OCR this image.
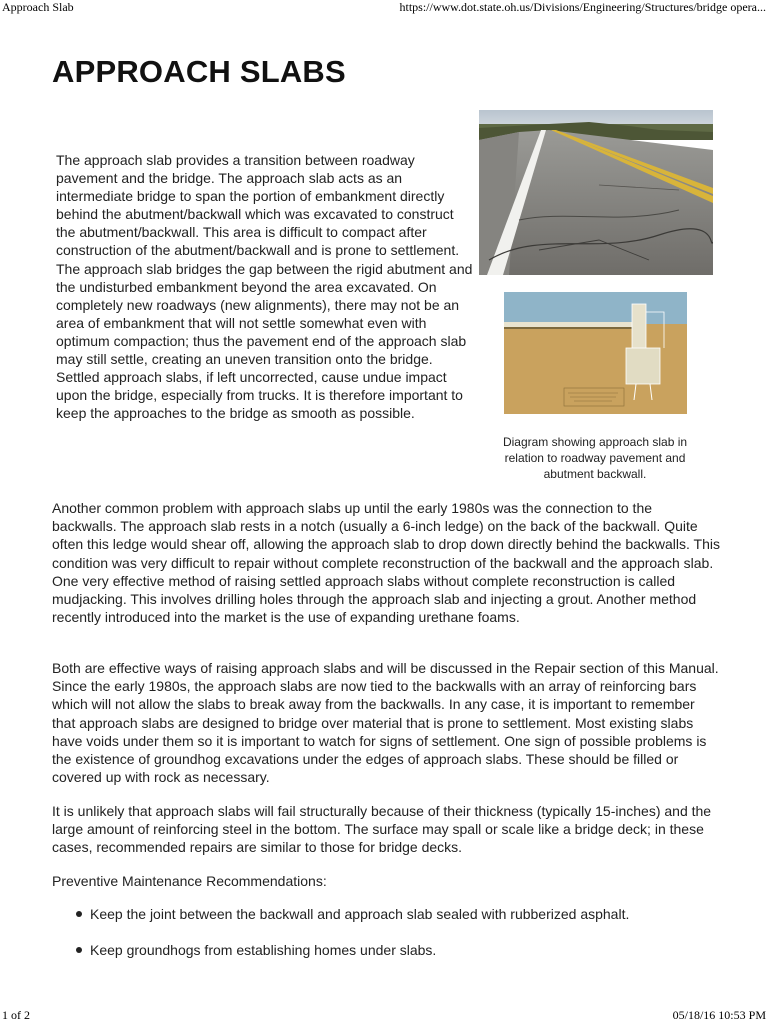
Approach Slab	https://www.dot.state.oh.us/Divisions/Engineering/Structures/bridge opera...
APPROACH SLABS
The approach slab provides a transition between roadway pavement and the bridge. The approach slab acts as an intermediate bridge to span the portion of embankment directly behind the abutment/backwall which was excavated to construct the abutment/backwall. This area is difficult to compact after construction of the abutment/backwall and is prone to settlement. The approach slab bridges the gap between the rigid abutment and the undisturbed embankment beyond the area excavated. On completely new roadways (new alignments), there may not be an area of embankment that will not settle somewhat even with optimum compaction; thus the pavement end of the approach slab may still settle, creating an uneven transition onto the bridge. Settled approach slabs, if left uncorrected, cause undue impact upon the bridge, especially from trucks. It is therefore important to keep the approaches to the bridge as smooth as possible.
Diagram showing approach slab in relation to roadway pavement and abutment backwall.

Another common problem with approach slabs up until the early 1980s was the connection to the backwalls. The approach slab rests in a notch (usually a 6-inch ledge) on the back of the backwall. Quite often this ledge would shear off, allowing the approach slab to drop down directly behind the backwalls. This condition was very difficult to repair without complete reconstruction of the backwall and the approach slab. One very effective method of raising settled approach slabs without complete reconstruction is called mudjacking. This involves drilling holes through the approach slab and injecting a grout. Another method recently introduced into the market is the use of expanding urethane foams.

Both are effective ways of raising approach slabs and will be discussed in the Repair section of this Manual. Since the early 1980s, the approach slabs are now tied to the backwalls with an array of reinforcing bars which will not allow the slabs to break away from the backwalls. In any case, it is important to remember that approach slabs are designed to bridge over material that is prone to settlement. Most existing slabs have voids under them so it is important to watch for signs of settlement. One sign of possible problems is the existence of groundhog excavations under the edges of approach slabs. These should be filled or covered up with rock as necessary.

It is unlikely that approach slabs will fail structurally because of their thickness (typically 15-inches) and the large amount of reinforcing steel in the bottom. The surface may spall or scale like a bridge deck; in these cases, recommended repairs are similar to those for bridge decks.

Preventive Maintenance Recommendations:

Keep the joint between the backwall and approach slab sealed with rubberized asphalt.
Keep groundhogs from establishing homes under slabs.
1 of 2	05/18/16 10:53 PM
